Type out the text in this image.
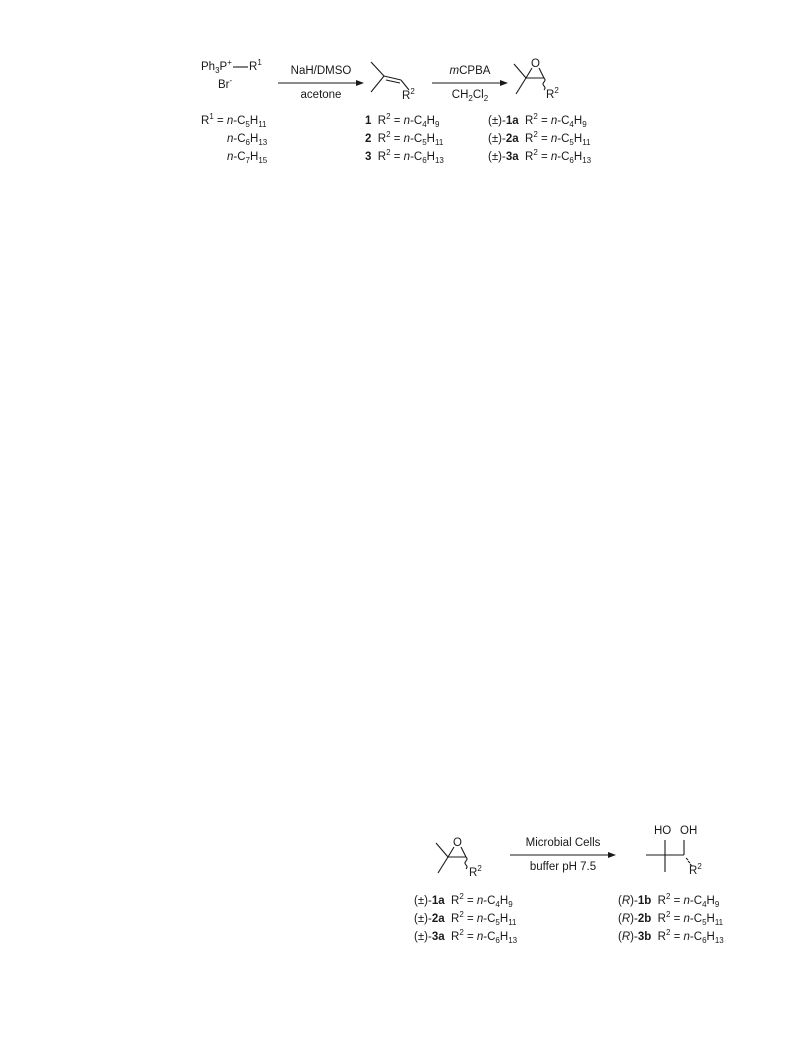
$Ph_3P^+$ $R^1$
Br-
$R^1 = n-C_5H_{11}$
$n-C_6H_{13}$
$n-C_7H_{15}$
NaH/DMSO
acetone	$R^2$
1 $R^2 = n-C_4H_9$
2 $R^2 = n-C_5H_{11}$
3 $R^2 = n-C_6H_{13}$
mCPBA
$CH_2Cl_2$
O
$R^2$
(±)-1a $R^2 = n-C_4H_9$
(±)-2a $R^2 = n-C_5H_{11}$
(±)-3a $R^2 = n-C_6H_{13}$
O
$R^2$
Microbial Cells
buffer pH 7.5
HO OH
$R^2$
(±)-1a $R^2 = n-C_4H_9$
(±)-2a $R^2 = n-C_5H_{11}$
(±)-3a $R^2 = n-C_6H_{13}$
(R)-1b $R^2 = n-C_4H_9$
(R)-2b $R^2 = n-C_5H_{11}$
(R)-3b $R^2 = n-C_6H_{13}$
